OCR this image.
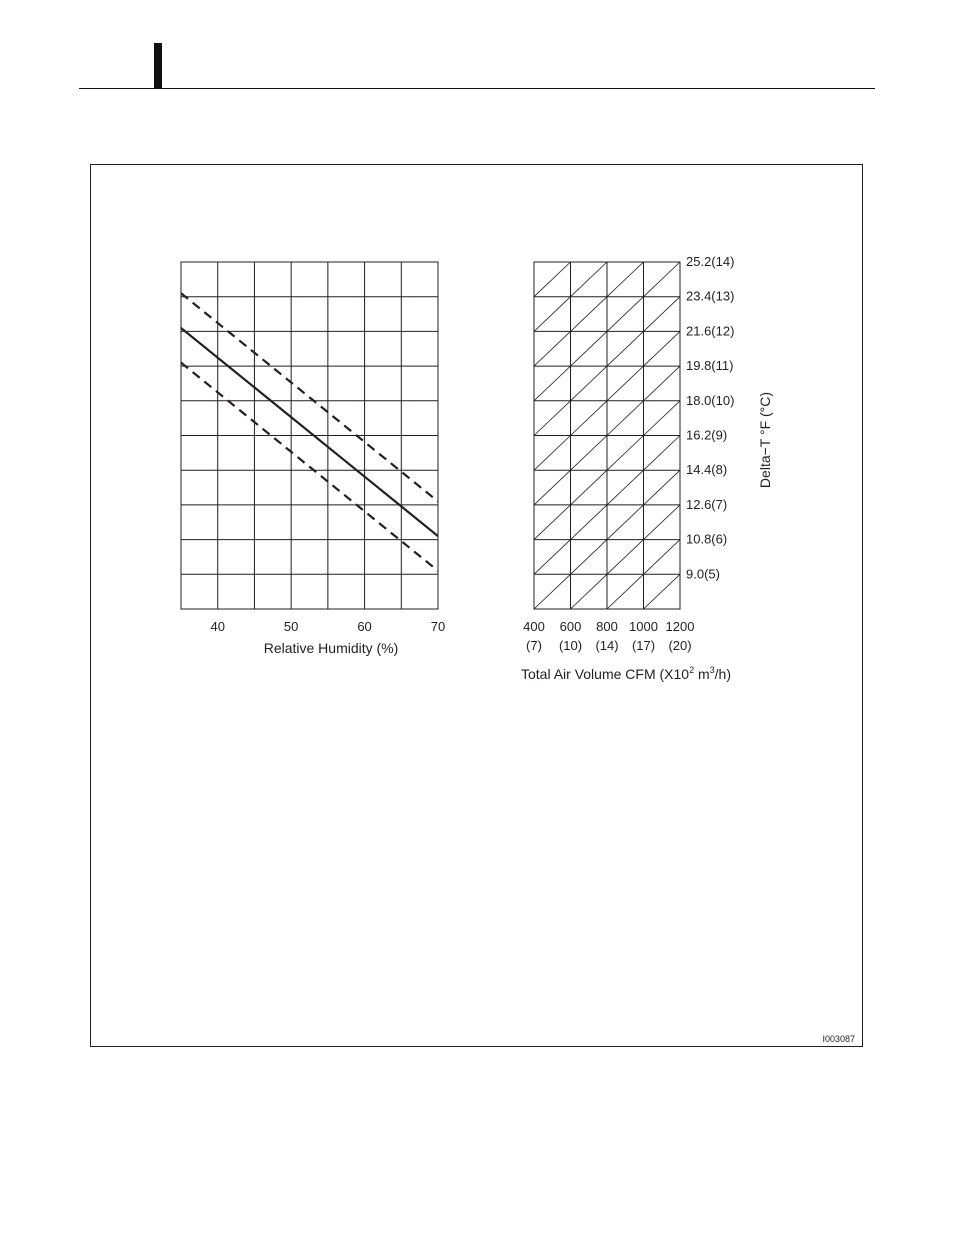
I003087
40	50	60	70
Relative Humidity (%)
25.2(14)
23.4(13)
21.6(12)
19.8(11)
18.0(10)
16.2(9)
14.4(8)
12.6(7)
10.8(6)
9.0(5)
400
(7)
600
(10)
800
(14)
1000
(17)
1200
(20)
Total Air Volume CFM ($X10^2$ $m^3/h$)
Delta−T °F (°C)
